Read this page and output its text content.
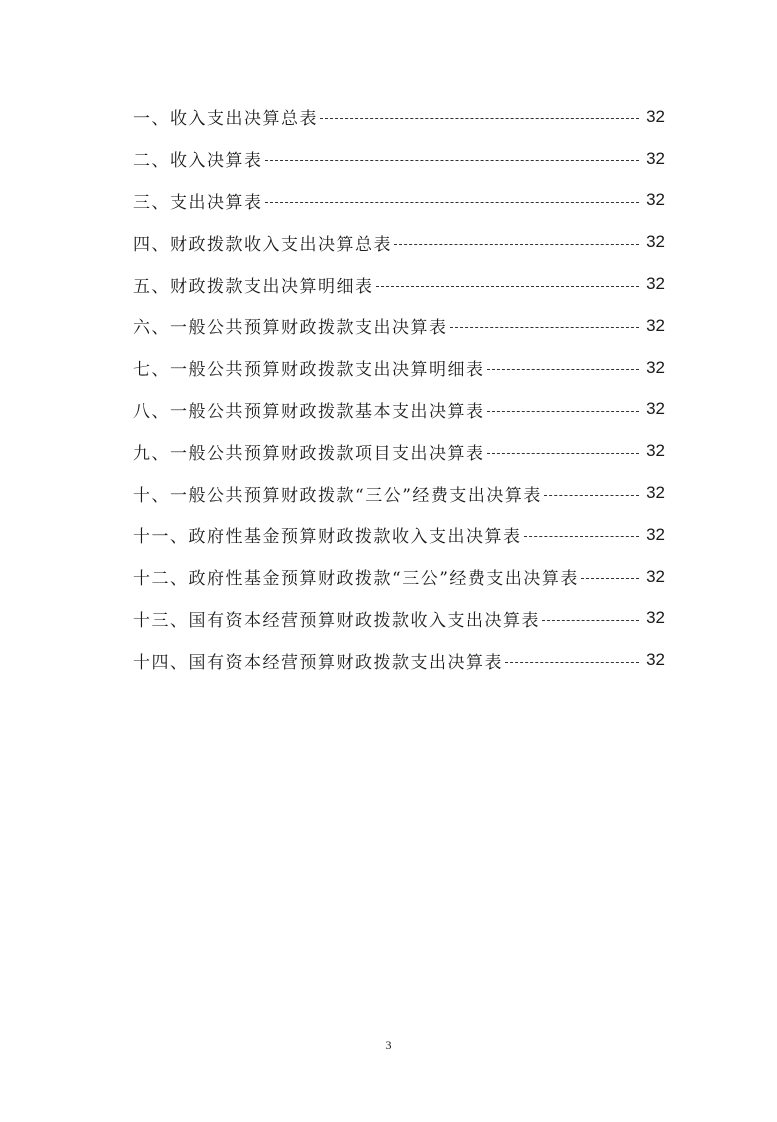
一、收入支出决算总表	32
二、收入决算表	32
三、支出决算表	32
四、财政拨款收入支出决算总表	32
五、财政拨款支出决算明细表	32
六、一般公共预算财政拨款支出决算表	32
七、一般公共预算财政拨款支出决算明细表	32
八、一般公共预算财政拨款基本支出决算表	32
九、一般公共预算财政拨款项目支出决算表	32
十、一般公共预算财政拨款“三公”经费支出决算表	32
十一、政府性基金预算财政拨款收入支出决算表	32
十二、政府性基金预算财政拨款“三公”经费支出决算表	32
十三、国有资本经营预算财政拨款收入支出决算表	32
十四、国有资本经营预算财政拨款支出决算表	32
3
